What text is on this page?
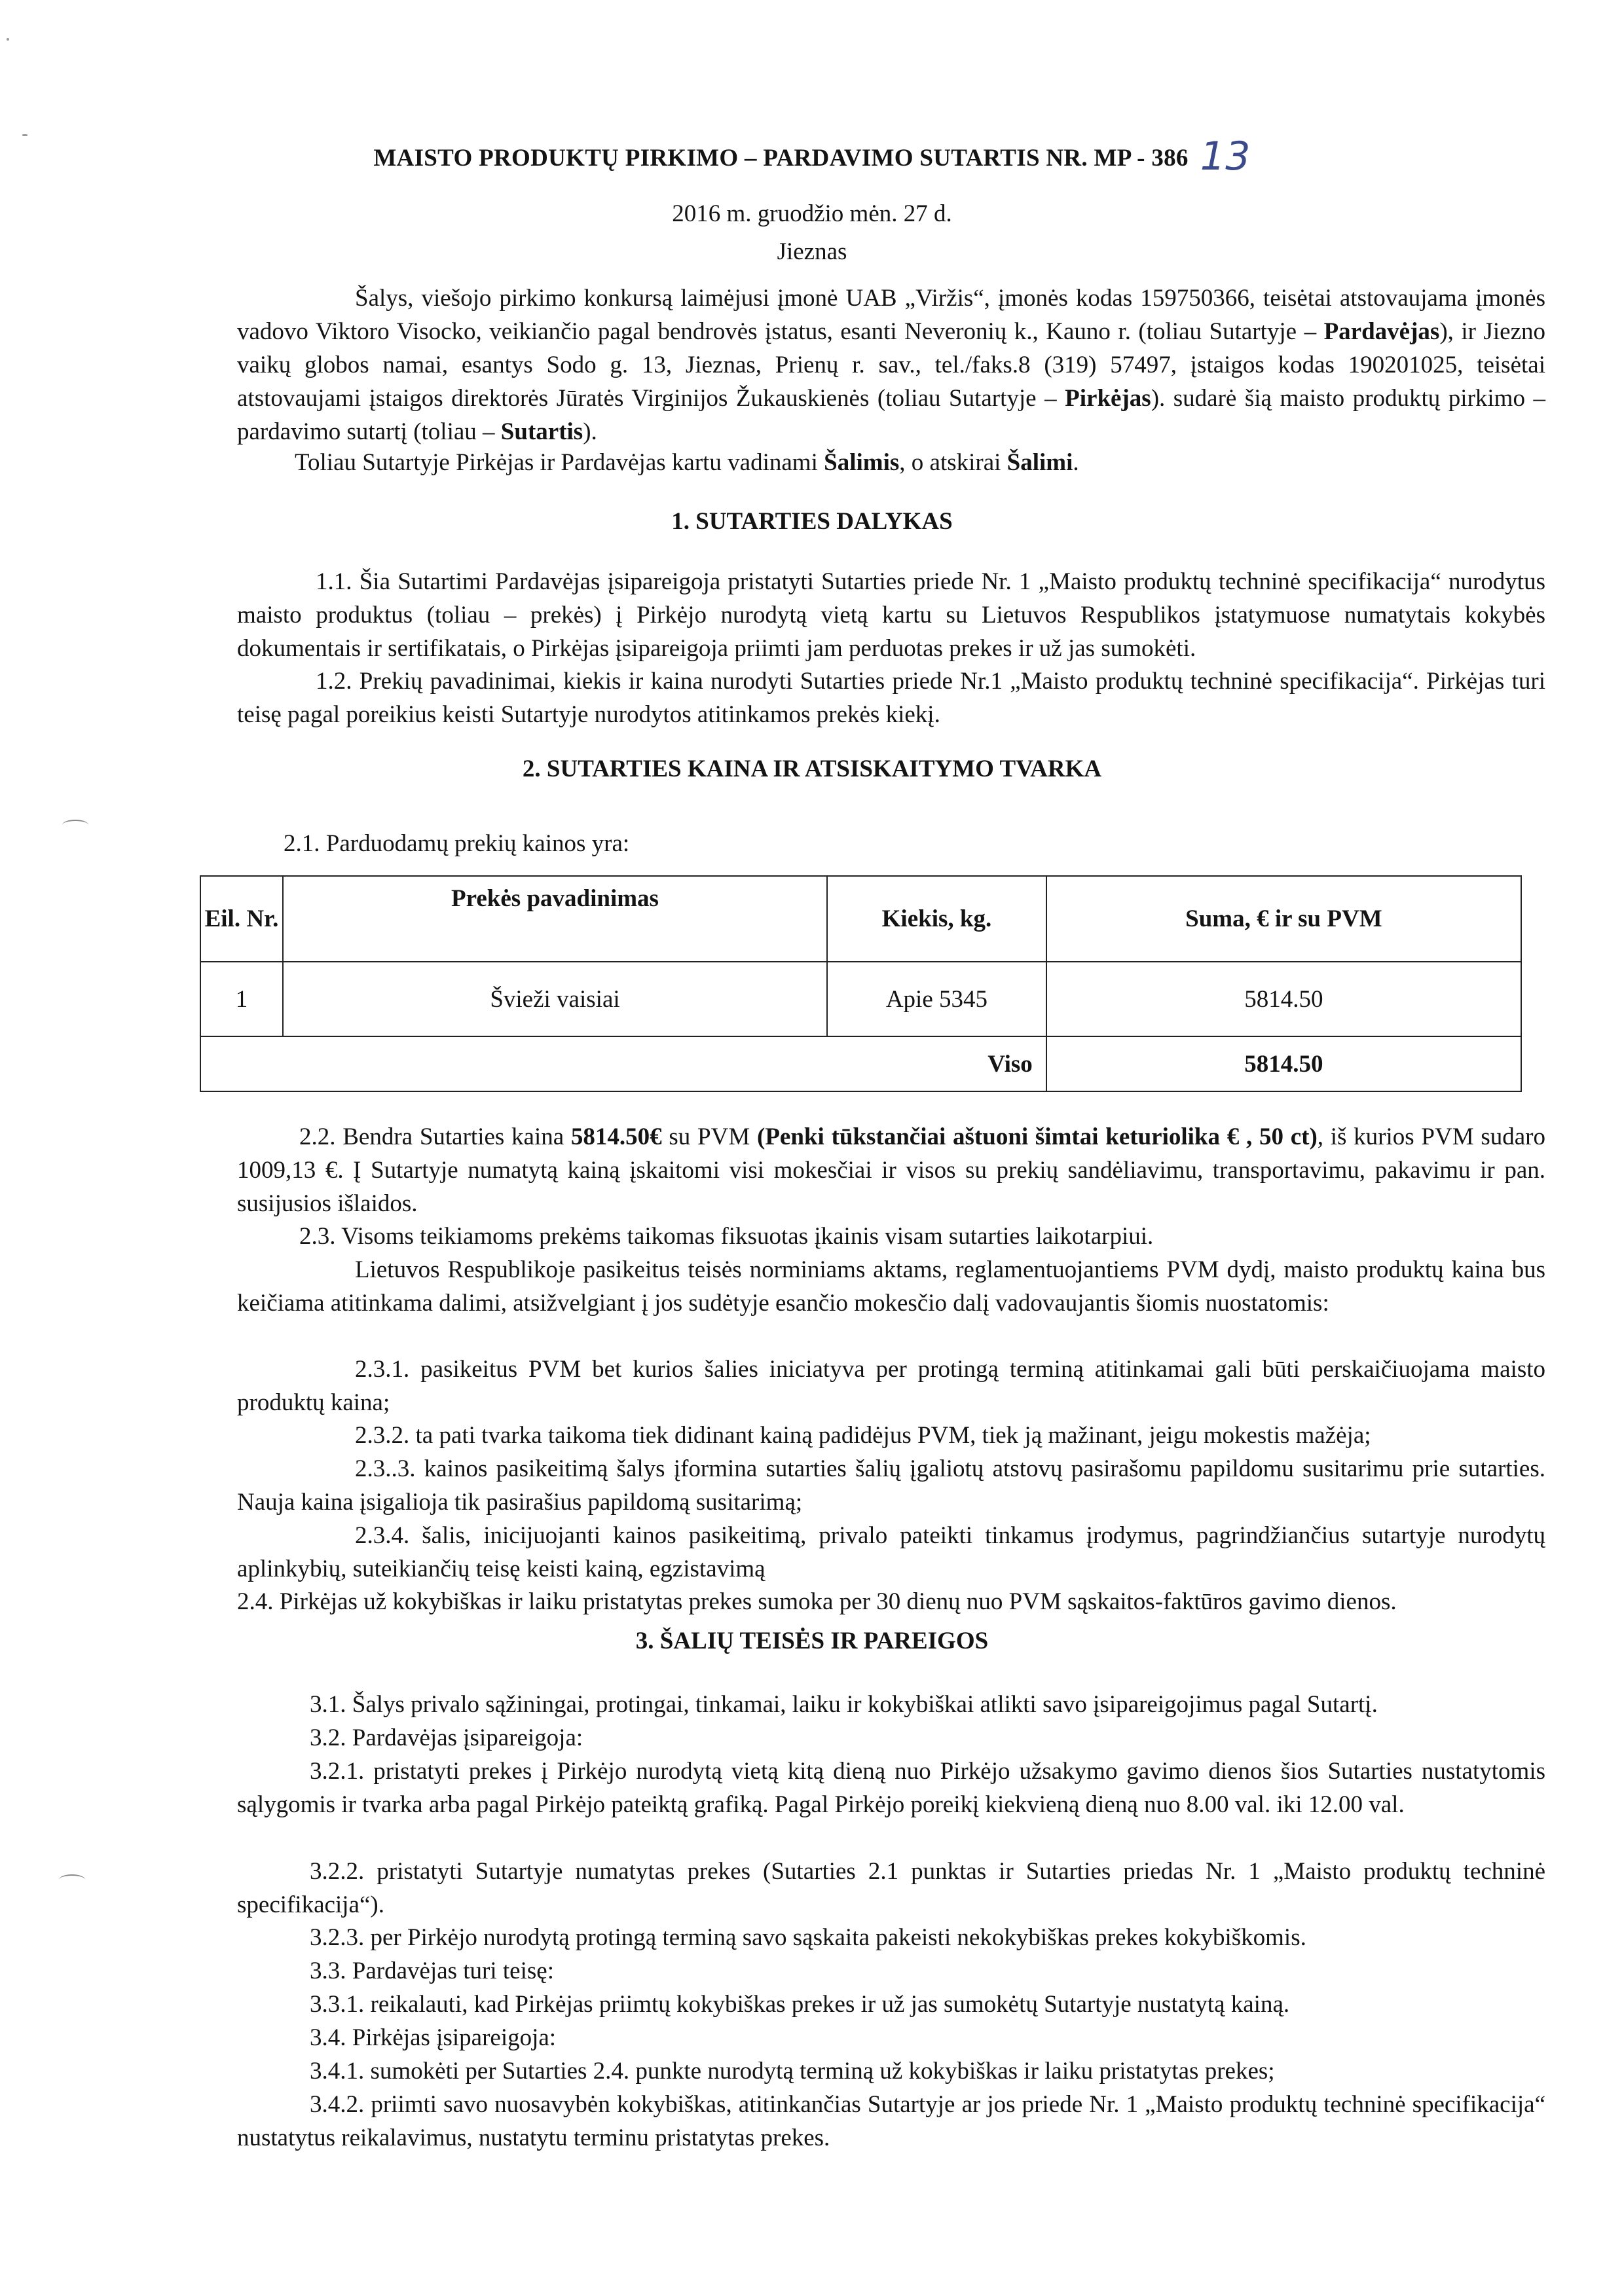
MAISTO PRODUKTŲ PIRKIMO – PARDAVIMO SUTARTIS NR. MP - 386 13
2016 m. gruodžio mėn. 27 d.
Jieznas
Šalys, viešojo pirkimo konkursą laimėjusi įmonė UAB „Viržis“, įmonės kodas 159750366, teisėtai atstovaujama įmonės vadovo Viktoro Visocko, veikiančio pagal bendrovės įstatus, esanti Neveronių k., Kauno r. (toliau Sutartyje – Pardavėjas), ir Jiezno vaikų globos namai, esantys Sodo g. 13, Jieznas, Prienų r. sav., tel./faks.8 (319) 57497, įstaigos kodas 190201025, teisėtai atstovaujami įstaigos direktorės Jūratės Virginijos Žukauskienės (toliau Sutartyje – Pirkėjas). sudarė šią maisto produktų pirkimo – pardavimo sutartį (toliau – Sutartis).
Toliau Sutartyje Pirkėjas ir Pardavėjas kartu vadinami Šalimis, o atskirai Šalimi.
1. SUTARTIES DALYKAS
1.1. Šia Sutartimi Pardavėjas įsipareigoja pristatyti Sutarties priede Nr. 1 „Maisto produktų techninė specifikacija“ nurodytus maisto produktus (toliau – prekės) į Pirkėjo nurodytą vietą kartu su Lietuvos Respublikos įstatymuose numatytais kokybės dokumentais ir sertifikatais, o Pirkėjas įsipareigoja priimti jam perduotas prekes ir už jas sumokėti.
1.2. Prekių pavadinimai, kiekis ir kaina nurodyti Sutarties priede Nr.1 „Maisto produktų techninė specifikacija“. Pirkėjas turi teisę pagal poreikius keisti Sutartyje nurodytos atitinkamos prekės kiekį.
2. SUTARTIES KAINA IR ATSISKAITYMO TVARKA
2.1. Parduodamų prekių kainos yra:
Eil. Nr.	Prekės pavadinimas	Kiekis, kg.	Suma, € ir su PVM
1	Švieži vaisiai	Apie 5345	5814.50
		Viso	5814.50
2.2. Bendra Sutarties kaina 5814.50€ su PVM (Penki tūkstančiai aštuoni šimtai keturiolika € , 50 ct), iš kurios PVM sudaro 1009,13 €. Į Sutartyje numatytą kainą įskaitomi visi mokesčiai ir visos su prekių sandėliavimu, transportavimu, pakavimu ir pan. susijusios išlaidos.
2.3. Visoms teikiamoms prekėms taikomas fiksuotas įkainis visam sutarties laikotarpiui.
Lietuvos Respublikoje pasikeitus teisės norminiams aktams, reglamentuojantiems PVM dydį, maisto produktų kaina bus keičiama atitinkama dalimi, atsižvelgiant į jos sudėtyje esančio mokesčio dalį vadovaujantis šiomis nuostatomis:
2.3.1. pasikeitus PVM bet kurios šalies iniciatyva per protingą terminą atitinkamai gali būti perskaičiuojama maisto produktų kaina;
2.3.2. ta pati tvarka taikoma tiek didinant kainą padidėjus PVM, tiek ją mažinant, jeigu mokestis mažėja;
2.3..3. kainos pasikeitimą šalys įformina sutarties šalių įgaliotų atstovų pasirašomu papildomu susitarimu prie sutarties. Nauja kaina įsigalioja tik pasirašius papildomą susitarimą;
2.3.4. šalis, inicijuojanti kainos pasikeitimą, privalo pateikti tinkamus įrodymus, pagrindžiančius sutartyje nurodytų aplinkybių, suteikiančių teisę keisti kainą, egzistavimą
2.4. Pirkėjas už kokybiškas ir laiku pristatytas prekes sumoka per 30 dienų nuo PVM sąskaitos-faktūros gavimo dienos.
3. ŠALIŲ TEISĖS IR PAREIGOS
3.1. Šalys privalo sąžiningai, protingai, tinkamai, laiku ir kokybiškai atlikti savo įsipareigojimus pagal Sutartį.
3.2. Pardavėjas įsipareigoja:
3.2.1. pristatyti prekes į Pirkėjo nurodytą vietą kitą dieną nuo Pirkėjo užsakymo gavimo dienos šios Sutarties nustatytomis sąlygomis ir tvarka arba pagal Pirkėjo pateiktą grafiką. Pagal Pirkėjo poreikį kiekvieną dieną nuo 8.00 val. iki 12.00 val.
3.2.2. pristatyti Sutartyje numatytas prekes (Sutarties 2.1 punktas ir Sutarties priedas Nr. 1 „Maisto produktų techninė specifikacija“).
3.2.3. per Pirkėjo nurodytą protingą terminą savo sąskaita pakeisti nekokybiškas prekes kokybiškomis.
3.3. Pardavėjas turi teisę:
3.3.1. reikalauti, kad Pirkėjas priimtų kokybiškas prekes ir už jas sumokėtų Sutartyje nustatytą kainą.
3.4. Pirkėjas įsipareigoja:
3.4.1. sumokėti per Sutarties 2.4. punkte nurodytą terminą už kokybiškas ir laiku pristatytas prekes;
3.4.2. priimti savo nuosavybėn kokybiškas, atitinkančias Sutartyje ar jos priede Nr. 1 „Maisto produktų techninė specifikacija“ nustatytus reikalavimus, nustatytu terminu pristatytas prekes.
